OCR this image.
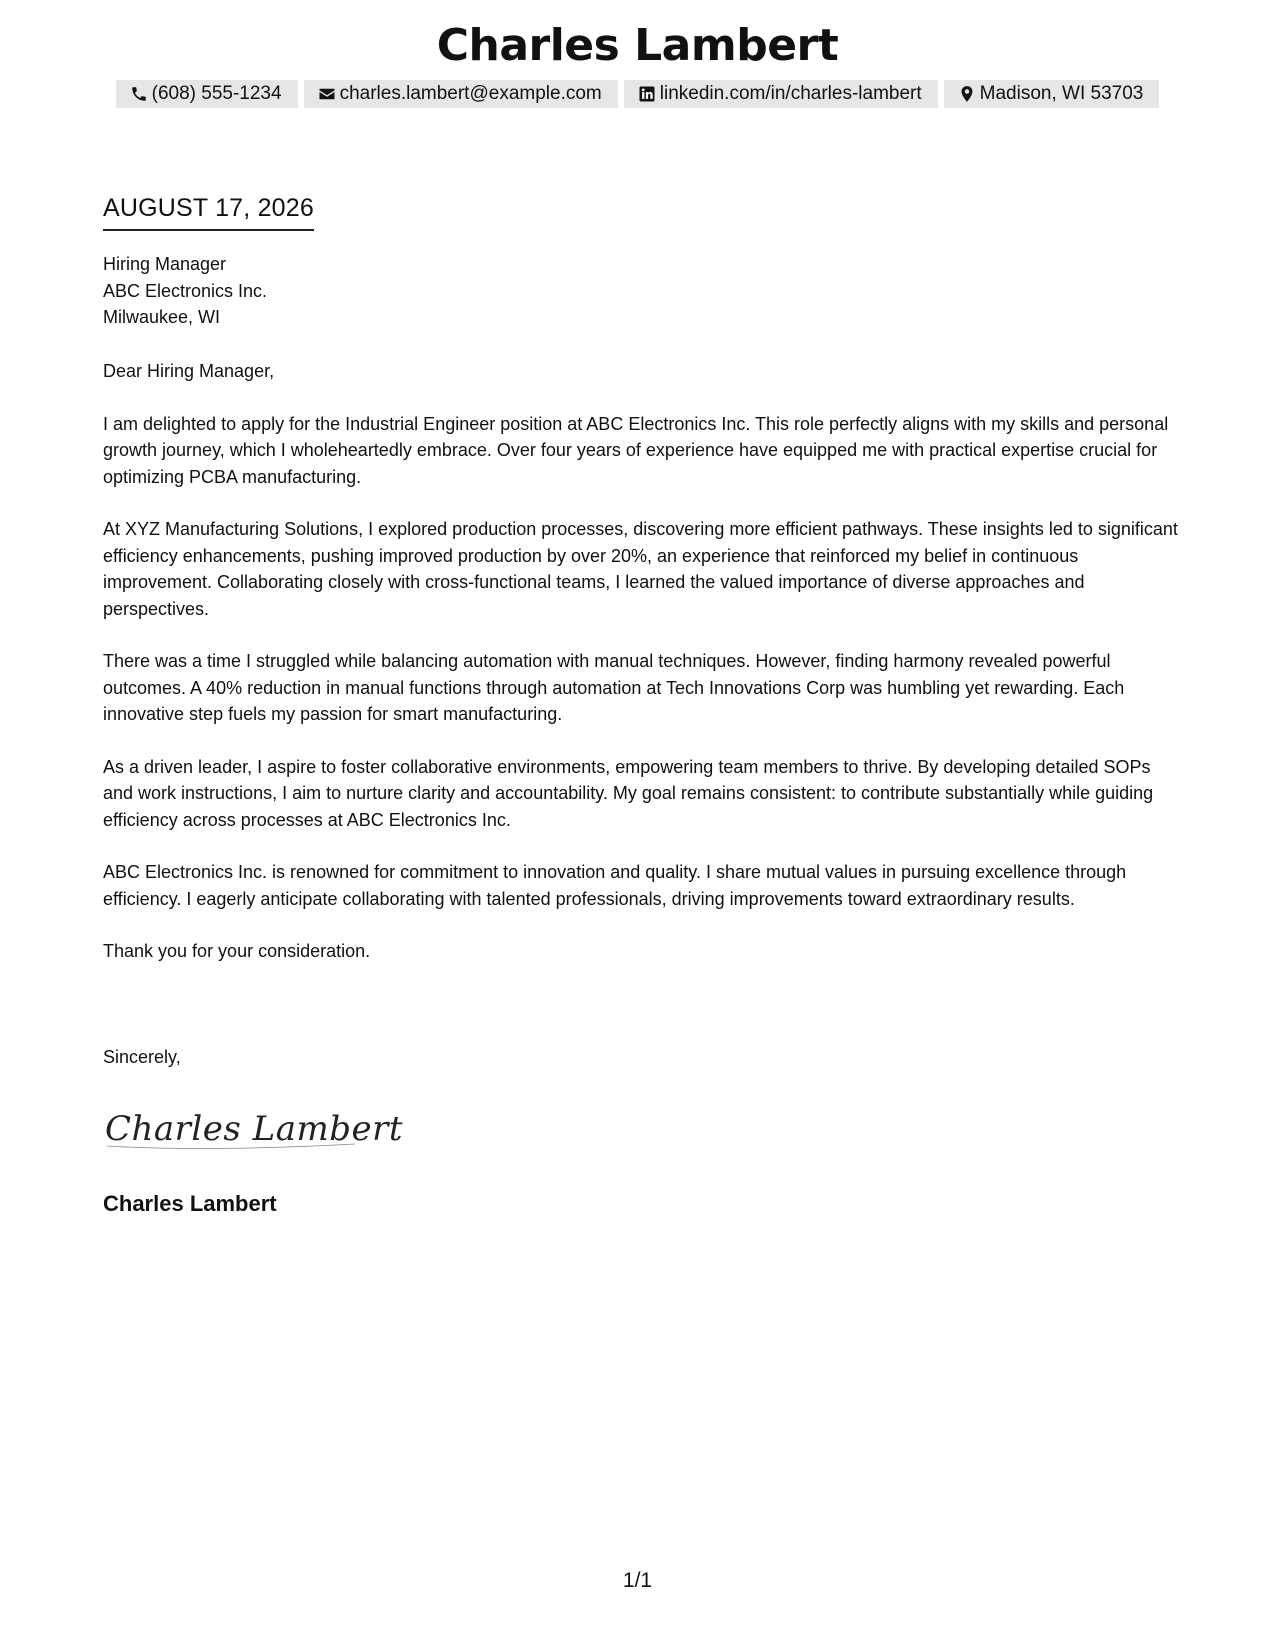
Charles Lambert
(608) 555-1234	charles.lambert@example.com	linkedin.com/in/charles-lambert	Madison, WI 53703
AUGUST 17, 2026
Hiring Manager
ABC Electronics Inc.
Milwaukee, WI

Dear Hiring Manager,

I am delighted to apply for the Industrial Engineer position at ABC Electronics Inc. This role perfectly aligns with my skills and personal growth journey, which I wholeheartedly embrace. Over four years of experience have equipped me with practical expertise crucial for optimizing PCBA manufacturing.

At XYZ Manufacturing Solutions, I explored production processes, discovering more efficient pathways. These insights led to significant efficiency enhancements, pushing improved production by over 20%, an experience that reinforced my belief in continuous improvement. Collaborating closely with cross-functional teams, I learned the valued importance of diverse approaches and perspectives.

There was a time I struggled while balancing automation with manual techniques. However, finding harmony revealed powerful outcomes. A 40% reduction in manual functions through automation at Tech Innovations Corp was humbling yet rewarding. Each innovative step fuels my passion for smart manufacturing.

As a driven leader, I aspire to foster collaborative environments, empowering team members to thrive. By developing detailed SOPs and work instructions, I aim to nurture clarity and accountability. My goal remains consistent: to contribute substantially while guiding efficiency across processes at ABC Electronics Inc.

ABC Electronics Inc. is renowned for commitment to innovation and quality. I share mutual values in pursuing excellence through efficiency. I eagerly anticipate collaborating with talented professionals, driving improvements toward extraordinary results.

Thank you for your consideration.

Sincerely,
Charles Lambert
Charles Lambert
1/1
